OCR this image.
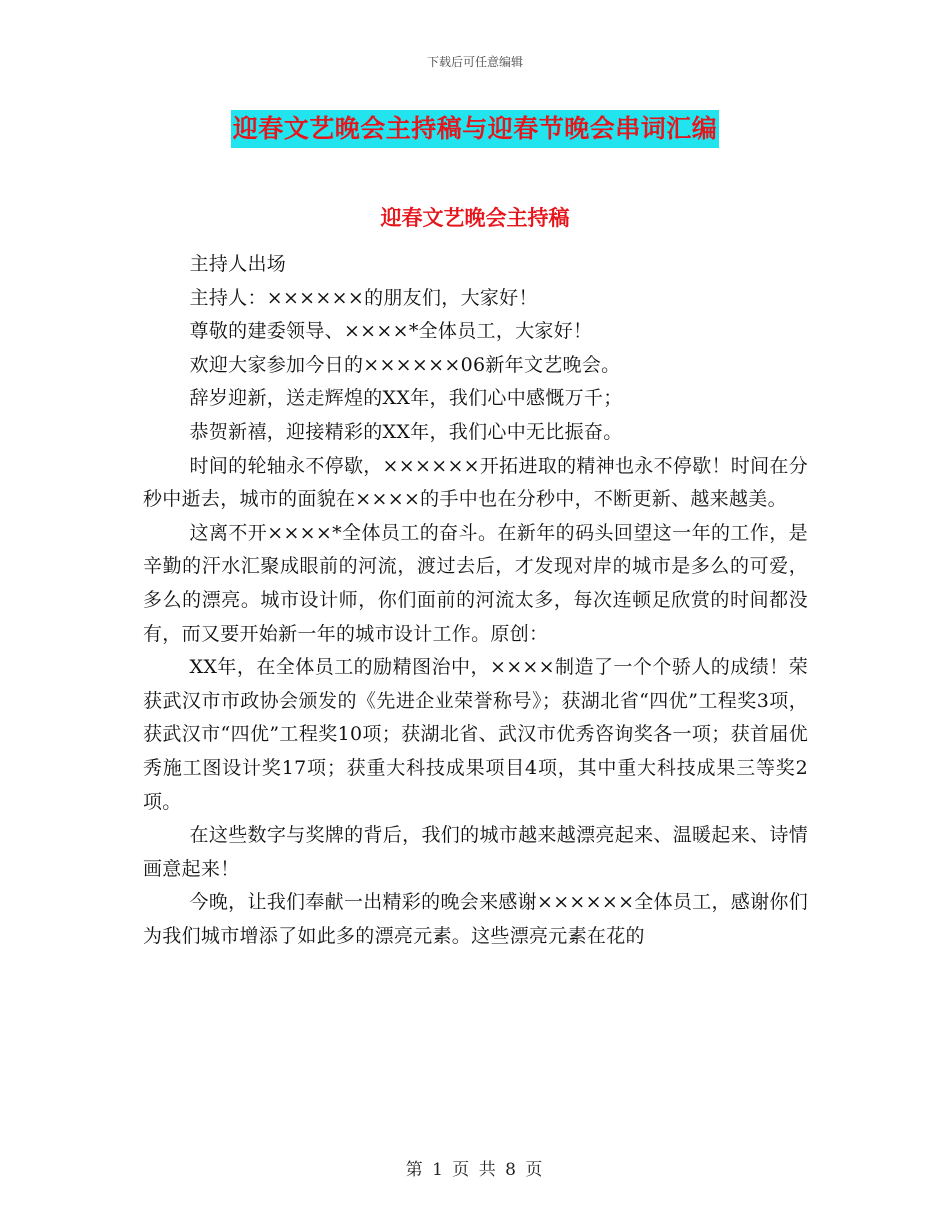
下载后可任意编辑
迎春文艺晚会主持稿与迎春节晚会串词汇编
迎春文艺晚会主持稿

主持人出场

主持人：××××××的朋友们，大家好！

尊敬的建委领导、××××*全体员工，大家好！

欢迎大家参加今日的××××××06新年文艺晚会。

辞岁迎新，送走辉煌的XX年，我们心中感慨万千；

恭贺新禧，迎接精彩的XX年，我们心中无比振奋。

时间的轮轴永不停歇，××××××开拓进取的精神也永不停歇！时间在分秒中逝去，城市的面貌在××××的手中也在分秒中，不断更新、越来越美。

这离不开××××*全体员工的奋斗。在新年的码头回望这一年的工作，是辛勤的汗水汇聚成眼前的河流，渡过去后，才发现对岸的城市是多么的可爱，多么的漂亮。城市设计师，你们面前的河流太多，每次连顿足欣赏的时间都没有，而又要开始新一年的城市设计工作。原创：

XX年，在全体员工的励精图治中，××××制造了一个个骄人的成绩！荣获武汉市市政协会颁发的《先进企业荣誉称号》；获湖北省“四优”工程奖3项，获武汉市“四优”工程奖10项；获湖北省、武汉市优秀咨询奖各一项；获首届优秀施工图设计奖17项；获重大科技成果项目4项，其中重大科技成果三等奖2项。

在这些数字与奖牌的背后，我们的城市越来越漂亮起来、温暖起来、诗情画意起来！

今晚，让我们奉献一出精彩的晚会来感谢××××××全体员工，感谢你们为我们城市增添了如此多的漂亮元素。这些漂亮元素在花的

第 1 页 共 8 页
